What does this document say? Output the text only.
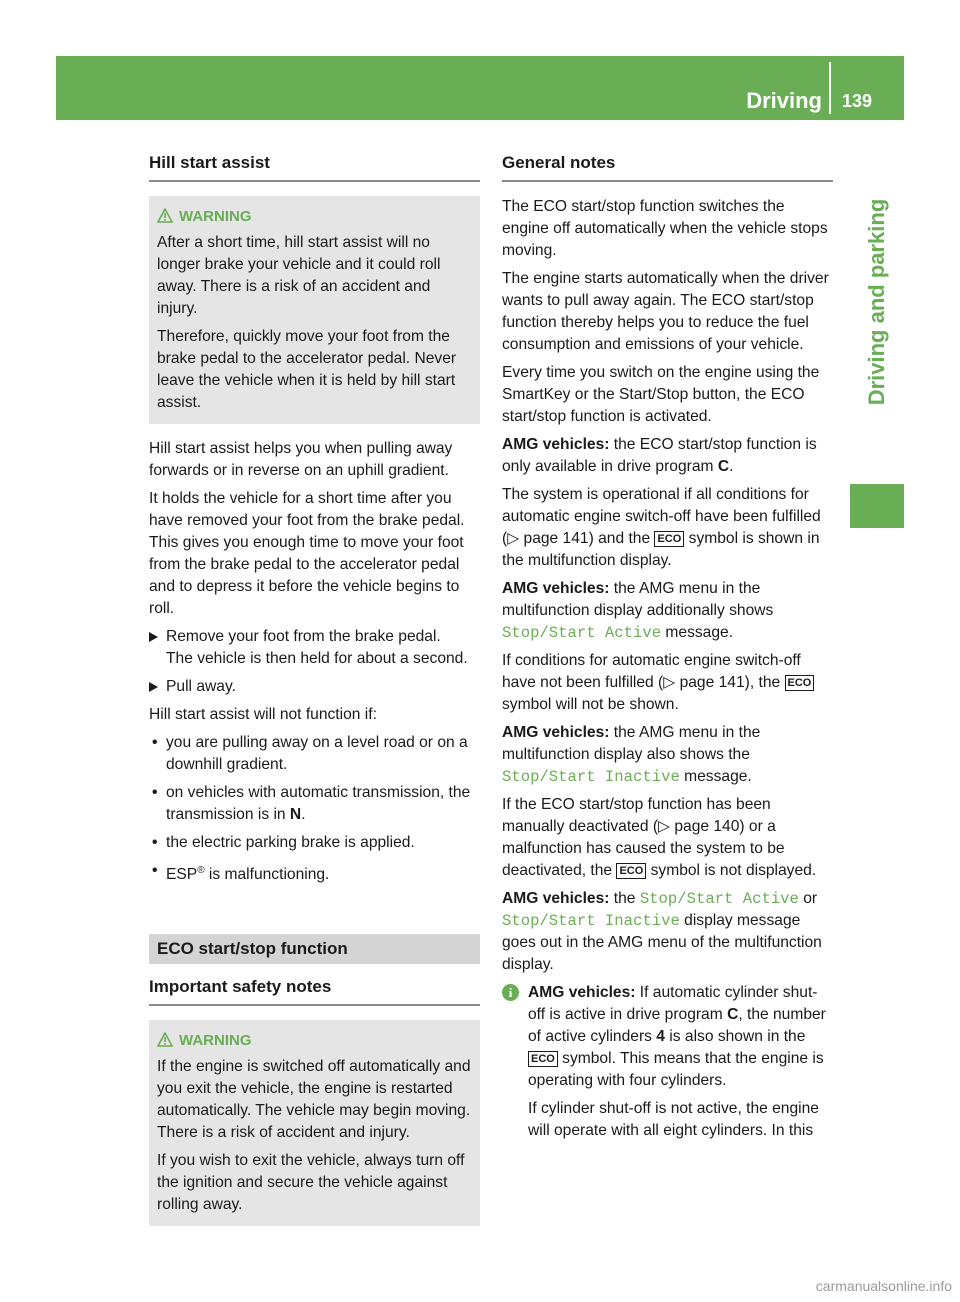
Driving 139
Driving and parking
Hill start assist
WARNING

After a short time, hill start assist will no longer brake your vehicle and it could roll away. There is a risk of an accident and injury.

Therefore, quickly move your foot from the brake pedal to the accelerator pedal. Never leave the vehicle when it is held by hill start assist.

Hill start assist helps you when pulling away forwards or in reverse on an uphill gradient.

It holds the vehicle for a short time after you have removed your foot from the brake pedal. This gives you enough time to move your foot from the brake pedal to the accelerator pedal and to depress it before the vehicle begins to roll.

Remove your foot from the brake pedal.
The vehicle is then held for about a second.
Pull away.

Hill start assist will not function if:

• you are pulling away on a level road or on a downhill gradient.
• on vehicles with automatic transmission, the transmission is in N.
• the electric parking brake is applied.
• ESP® is malfunctioning.
ECO start/stop function
Important safety notes
WARNING

If the engine is switched off automatically and you exit the vehicle, the engine is restarted automatically. The vehicle may begin moving. There is a risk of accident and injury.

If you wish to exit the vehicle, always turn off the ignition and secure the vehicle against rolling away.

General notes

The ECO start/stop function switches the engine off automatically when the vehicle stops moving.

The engine starts automatically when the driver wants to pull away again. The ECO start/stop function thereby helps you to reduce the fuel consumption and emissions of your vehicle.

Every time you switch on the engine using the SmartKey or the Start/Stop button, the ECO start/stop function is activated.

AMG vehicles: the ECO start/stop function is only available in drive program C.

The system is operational if all conditions for automatic engine switch-off have been fulfilled (▷ page 141) and the ECO symbol is shown in the multifunction display.

AMG vehicles: the AMG menu in the multifunction display additionally shows Stop/Start Active message.

If conditions for automatic engine switch-off have not been fulfilled (▷ page 141), the ECO symbol will not be shown.

AMG vehicles: the AMG menu in the multifunction display also shows the Stop/Start Inactive message.

If the ECO start/stop function has been manually deactivated (▷ page 140) or a malfunction has caused the system to be deactivated, the ECO symbol is not displayed.

AMG vehicles: the Stop/Start Active or Stop/Start Inactive display message goes out in the AMG menu of the multifunction display.

i	AMG vehicles: If automatic cylinder shut-off is active in drive program C, the number of active cylinders 4 is also shown in the ECO symbol. This means that the engine is operating with four cylinders.

If cylinder shut-off is not active, the engine will operate with all eight cylinders. In this

carmanualsonline.info
